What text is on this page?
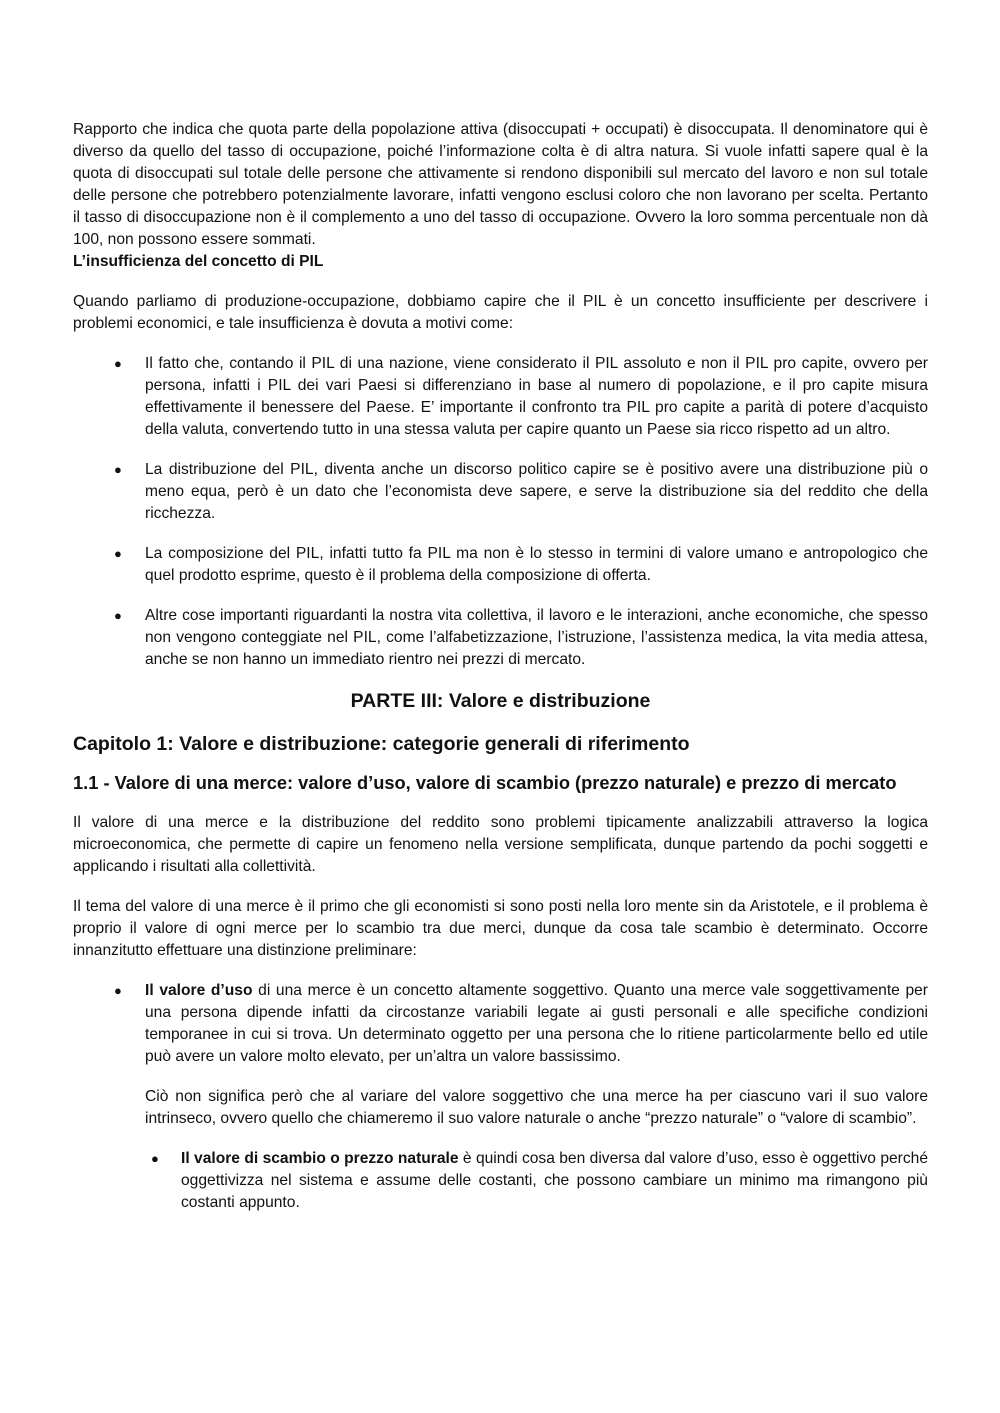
Rapporto che indica che quota parte della popolazione attiva (disoccupati + occupati) è disoccupata. Il denominatore qui è diverso da quello del tasso di occupazione, poiché l’informazione colta è di altra natura. Si vuole infatti sapere qual è la quota di disoccupati sul totale delle persone che attivamente si rendono disponibili sul mercato del lavoro e non sul totale delle persone che potrebbero potenzialmente lavorare, infatti vengono esclusi coloro che non lavorano per scelta. Pertanto il tasso di disoccupazione non è il complemento a uno del tasso di occupazione. Ovvero la loro somma percentuale non dà 100, non possono essere sommati.

L’insufficienza del concetto di PIL

Quando parliamo di produzione-occupazione, dobbiamo capire che il PIL è un concetto insufficiente per descrivere i problemi economici, e tale insufficienza è dovuta a motivi come:

● Il fatto che, contando il PIL di una nazione, viene considerato il PIL assoluto e non il PIL pro capite, ovvero per persona, infatti i PIL dei vari Paesi si differenziano in base al numero di popolazione, e il pro capite misura effettivamente il benessere del Paese. E’ importante il confronto tra PIL pro capite a parità di potere d’acquisto della valuta, convertendo tutto in una stessa valuta per capire quanto un Paese sia ricco rispetto ad un altro.
● La distribuzione del PIL, diventa anche un discorso politico capire se è positivo avere una distribuzione più o meno equa, però è un dato che l’economista deve sapere, e serve la distribuzione sia del reddito che della ricchezza.
● La composizione del PIL, infatti tutto fa PIL ma non è lo stesso in termini di valore umano e antropologico che quel prodotto esprime, questo è il problema della composizione di offerta.
● Altre cose importanti riguardanti la nostra vita collettiva, il lavoro e le interazioni, anche economiche, che spesso non vengono conteggiate nel PIL, come l’alfabetizzazione, l’istruzione, l’assistenza medica, la vita media attesa, anche se non hanno un immediato rientro nei prezzi di mercato.
PARTE III: Valore e distribuzione
Capitolo 1: Valore e distribuzione: categorie generali di riferimento
1.1 - Valore di una merce: valore d’uso, valore di scambio (prezzo naturale) e prezzo di mercato

Il valore di una merce e la distribuzione del reddito sono problemi tipicamente analizzabili attraverso la logica microeconomica, che permette di capire un fenomeno nella versione semplificata, dunque partendo da pochi soggetti e applicando i risultati alla collettività.

Il tema del valore di una merce è il primo che gli economisti si sono posti nella loro mente sin da Aristotele, e il problema è proprio il valore di ogni merce per lo scambio tra due merci, dunque da cosa tale scambio è determinato. Occorre innanzitutto effettuare una distinzione preliminare:

● Il valore d’uso di una merce è un concetto altamente soggettivo. Quanto una merce vale soggettivamente per una persona dipende infatti da circostanze variabili legate ai gusti personali e alle specifiche condizioni temporanee in cui si trova. Un determinato oggetto per una persona che lo ritiene particolarmente bello ed utile può avere un valore molto elevato, per un’altra un valore bassissimo.

Ciò non significa però che al variare del valore soggettivo che una merce ha per ciascuno vari il suo valore intrinseco, ovvero quello che chiameremo il suo valore naturale o anche “prezzo naturale” o “valore di scambio”.

● Il valore di scambio o prezzo naturale è quindi cosa ben diversa dal valore d’uso, esso è oggettivo perché oggettivizza nel sistema e assume delle costanti, che possono cambiare un minimo ma rimangono più costanti appunto.
